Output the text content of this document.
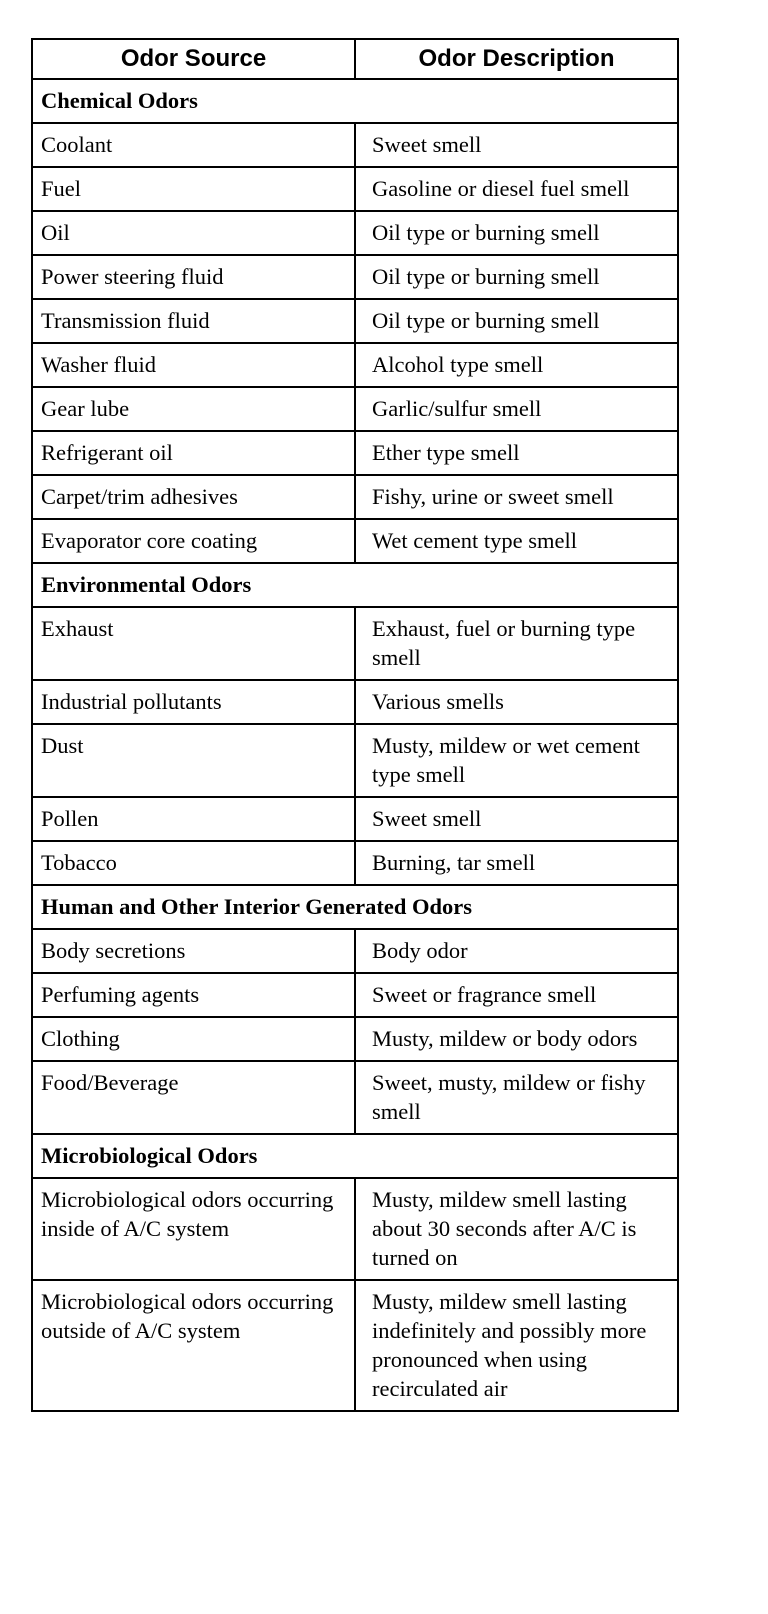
Odor Source	Odor Description
Chemical Odors	
Coolant	Sweet smell
Fuel	Gasoline or diesel fuel smell
Oil	Oil type or burning smell
Power steering fluid	Oil type or burning smell
Transmission fluid	Oil type or burning smell
Washer fluid	Alcohol type smell
Gear lube	Garlic/sulfur smell
Refrigerant oil	Ether type smell
Carpet/trim adhesives	Fishy, urine or sweet smell
Evaporator core coating	Wet cement type smell
Environmental Odors	
Exhaust	Exhaust, fuel or burning type smell
Industrial pollutants	Various smells
Dust	Musty, mildew or wet cement type smell
Pollen	Sweet smell
Tobacco	Burning, tar smell
Human and Other Interior Generated Odors	
Body secretions	Body odor
Perfuming agents	Sweet or fragrance smell
Clothing	Musty, mildew or body odors
Food/Beverage	Sweet, musty, mildew or fishy smell
Microbiological Odors	
Microbiological odors occurring inside of A/C system	Musty, mildew smell lasting about 30 seconds after A/C is turned on
Microbiological odors occurring outside of A/C system	Musty, mildew smell lasting indefinitely and possibly more pronounced when using recirculated air
